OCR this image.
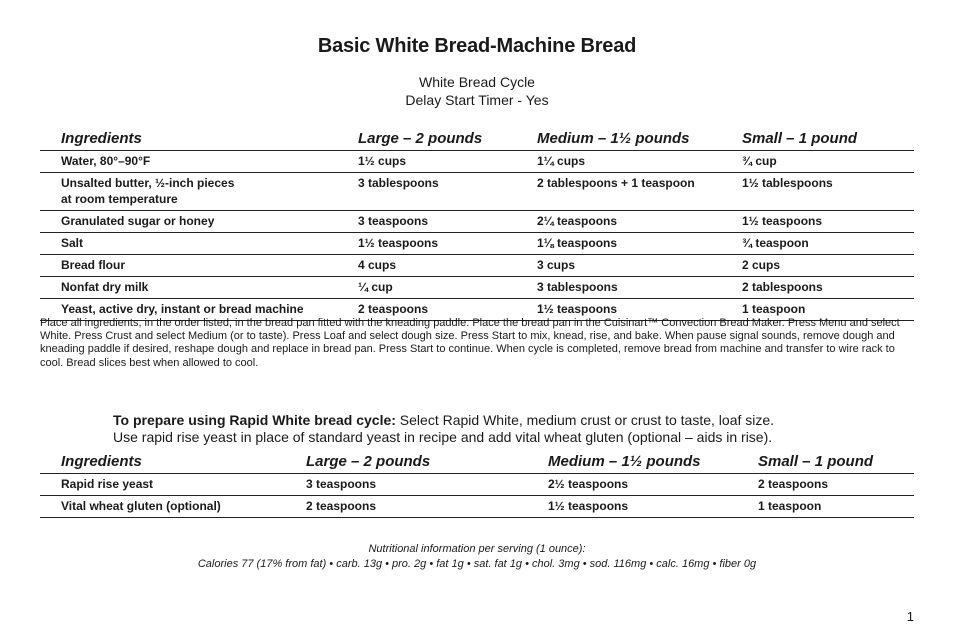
Basic White Bread-Machine Bread
White Bread Cycle
Delay Start Timer - Yes
Ingredients	Large – 2 pounds	Medium – 1½ pounds	Small – 1 pound
Water, 80°–90°F	1½ cups	1¼ cups	¾ cup
Unsalted butter, ½-inch pieces
at room temperature	3 tablespoons	2 tablespoons + 1 teaspoon	1½ tablespoons
Granulated sugar or honey	3 teaspoons	2¼ teaspoons	1½ teaspoons
Salt	1½ teaspoons	1⅛ teaspoons	¾ teaspoon
Bread flour	4 cups	3 cups	2 cups
Nonfat dry milk	¼ cup	3 tablespoons	2 tablespoons
Yeast, active dry, instant or bread machine	2 teaspoons	1½ teaspoons	1 teaspoon
Place all ingredients, in the order listed, in the bread pan fitted with the kneading paddle. Place the bread pan in the Cuisinart™ Convection Bread Maker. Press Menu and select White. Press Crust and select Medium (or to taste). Press Loaf and select dough size. Press Start to mix, knead, rise, and bake. When pause signal sounds, remove dough and kneading paddle if desired, reshape dough and replace in bread pan. Press Start to continue. When cycle is completed, remove bread from machine and transfer to wire rack to cool. Bread slices best when allowed to cool.
To prepare using Rapid White bread cycle: Select Rapid White, medium crust or crust to taste, loaf size.
Use rapid rise yeast in place of standard yeast in recipe and add vital wheat gluten (optional – aids in rise).
Ingredients	Large – 2 pounds	Medium – 1½ pounds	Small – 1 pound
Rapid rise yeast	3 teaspoons	2½ teaspoons	2 teaspoons
Vital wheat gluten (optional)	2 teaspoons	1½ teaspoons	1 teaspoon
Nutritional information per serving (1 ounce):
Calories 77 (17% from fat) • carb. 13g • pro. 2g • fat 1g • sat. fat 1g • chol. 3mg • sod. 116mg • calc. 16mg • fiber 0g
1
